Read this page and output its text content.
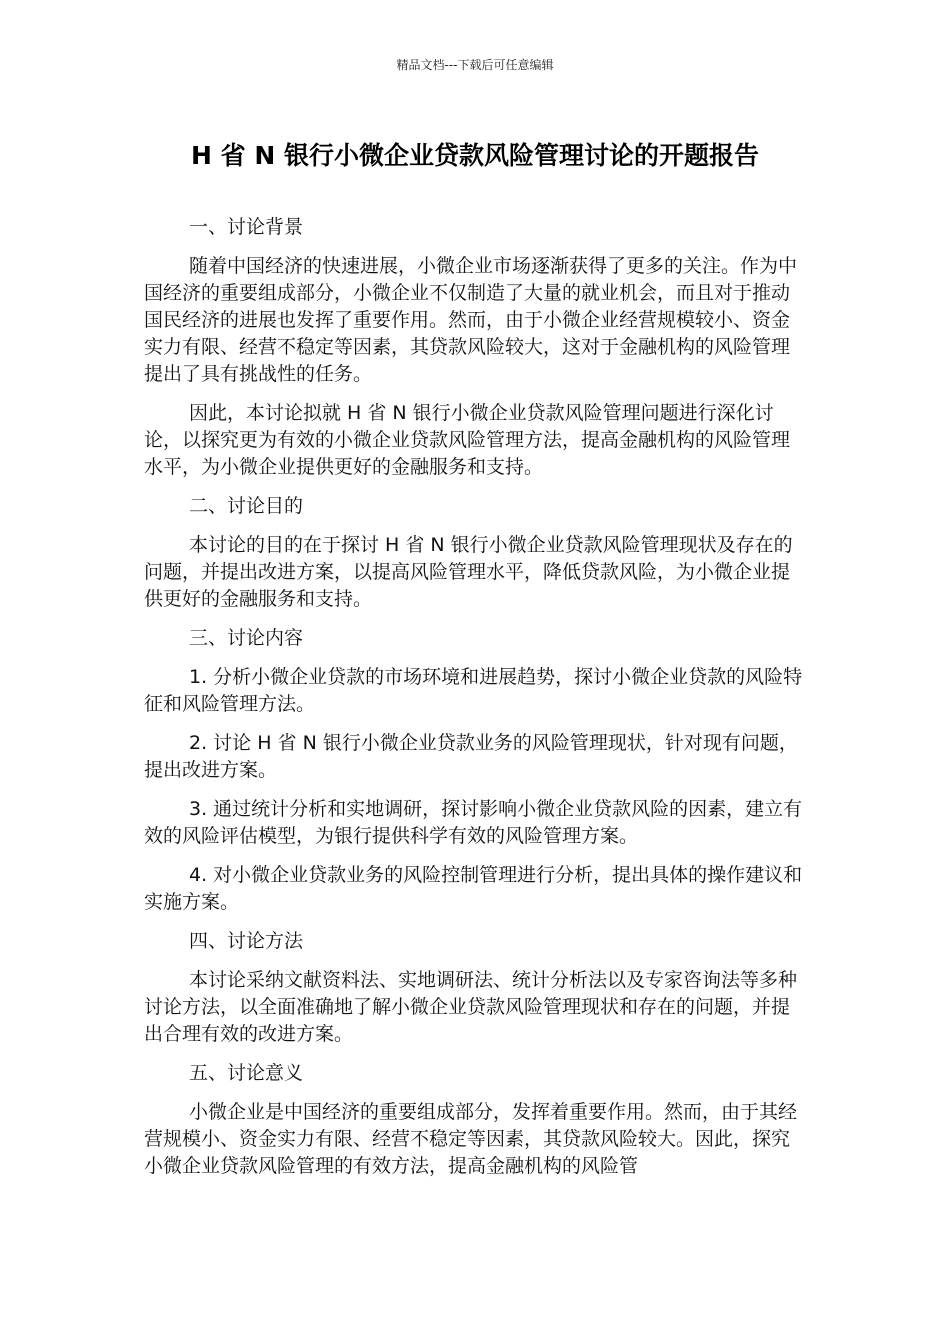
精品文档---下载后可任意编辑
H 省 N 银行小微企业贷款风险管理讨论的开题报告

一、讨论背景

随着中国经济的快速进展，小微企业市场逐渐获得了更多的关注。作为中国经济的重要组成部分，小微企业不仅制造了大量的就业机会，而且对于推动国民经济的进展也发挥了重要作用。然而，由于小微企业经营规模较小、资金实力有限、经营不稳定等因素，其贷款风险较大，这对于金融机构的风险管理提出了具有挑战性的任务。

因此，本讨论拟就 H 省 N 银行小微企业贷款风险管理问题进行深化讨论，以探究更为有效的小微企业贷款风险管理方法，提高金融机构的风险管理水平，为小微企业提供更好的金融服务和支持。

二、讨论目的

本讨论的目的在于探讨 H 省 N 银行小微企业贷款风险管理现状及存在的问题，并提出改进方案，以提高风险管理水平，降低贷款风险，为小微企业提供更好的金融服务和支持。

三、讨论内容

1. 分析小微企业贷款的市场环境和进展趋势，探讨小微企业贷款的风险特征和风险管理方法。

2. 讨论 H 省 N 银行小微企业贷款业务的风险管理现状，针对现有问题，提出改进方案。

3. 通过统计分析和实地调研，探讨影响小微企业贷款风险的因素，建立有效的风险评估模型，为银行提供科学有效的风险管理方案。

4. 对小微企业贷款业务的风险控制管理进行分析，提出具体的操作建议和实施方案。

四、讨论方法

本讨论采纳文献资料法、实地调研法、统计分析法以及专家咨询法等多种讨论方法，以全面准确地了解小微企业贷款风险管理现状和存在的问题，并提出合理有效的改进方案。

五、讨论意义

小微企业是中国经济的重要组成部分，发挥着重要作用。然而，由于其经营规模小、资金实力有限、经营不稳定等因素，其贷款风险较大。因此，探究小微企业贷款风险管理的有效方法，提高金融机构的风险管
